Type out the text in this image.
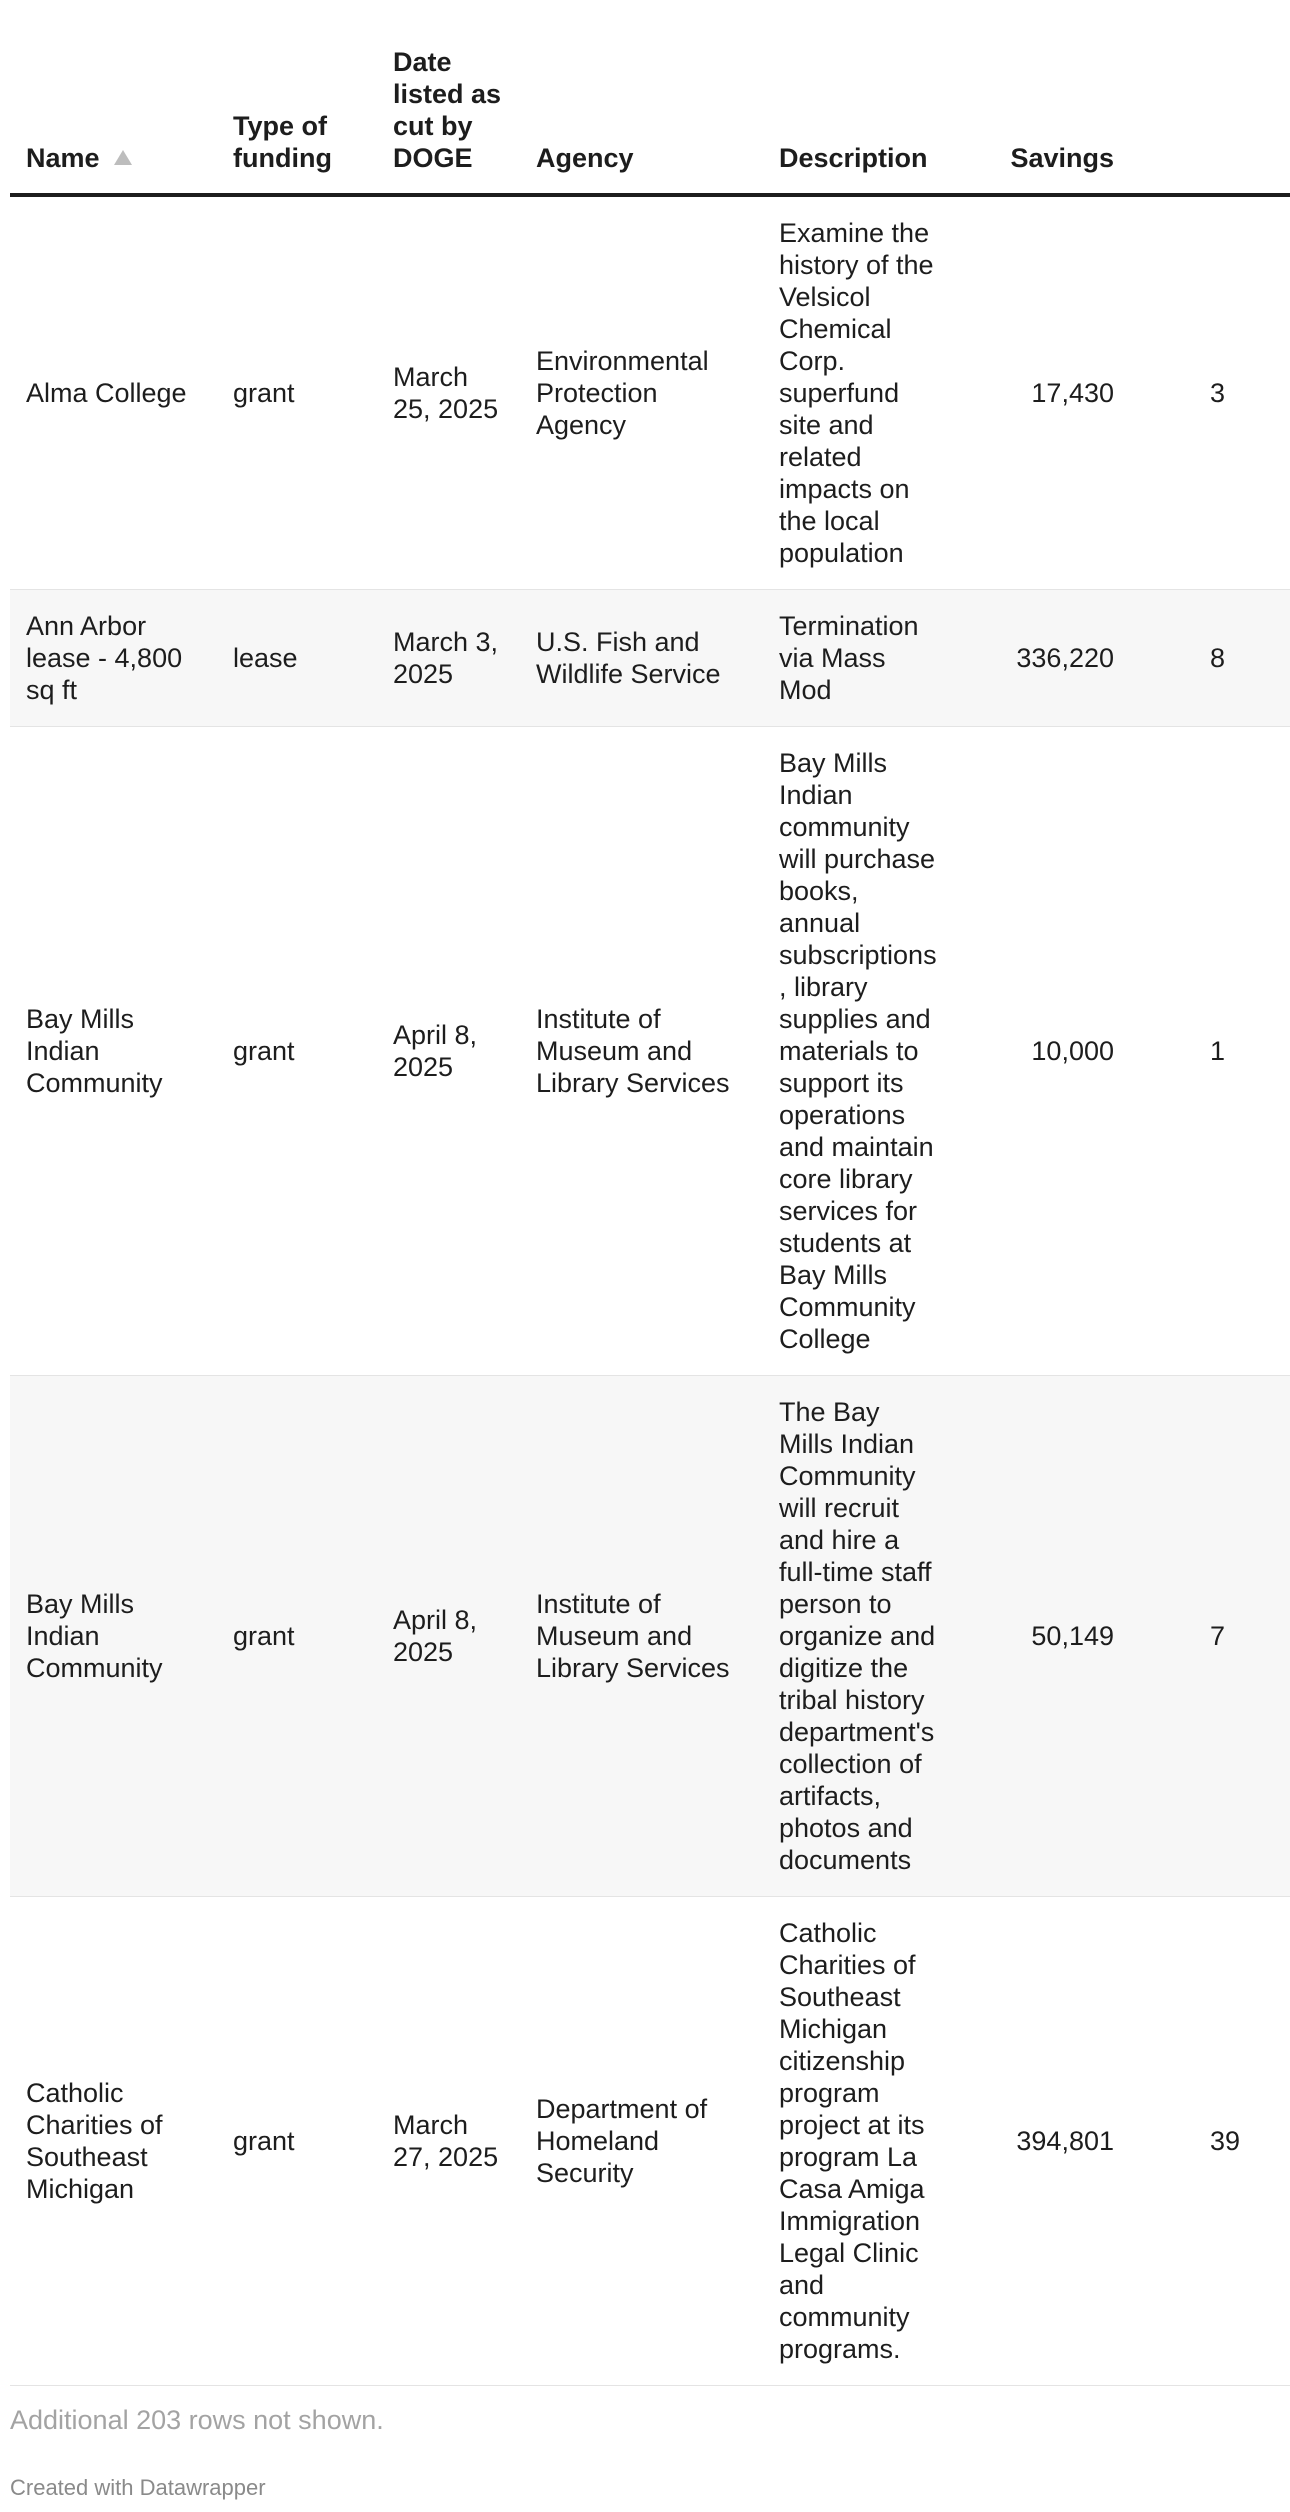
Name	Type of funding	Date listed as cut by DOGE	Agency	Description	Savings	
Alma College	grant	March 25, 2025	Environmental Protection Agency	Examine the history of the Velsicol Chemical Corp. superfund site and related impacts on the local population	17,430	3
Ann Arbor lease - 4,800 sq ft	lease	March 3, 2025	U.S. Fish and Wildlife Service	Termination via Mass Mod	336,220	8
Bay Mills Indian Community	grant	April 8, 2025	Institute of Museum and Library Services	Bay Mills Indian community will purchase books, annual subscriptions, library supplies and materials to support its operations and maintain core library services for students at Bay Mills Community College	10,000	1
Bay Mills Indian Community	grant	April 8, 2025	Institute of Museum and Library Services	The Bay Mills Indian Community will recruit and hire a full-time staff person to organize and digitize the tribal history department's collection of artifacts, photos and documents	50,149	7
Catholic Charities of Southeast Michigan	grant	March 27, 2025	Department of Homeland Security	Catholic Charities of Southeast Michigan citizenship program project at its program La Casa Amiga Immigration Legal Clinic and community programs.	394,801	39
Additional 203 rows not shown.
Created with Datawrapper
